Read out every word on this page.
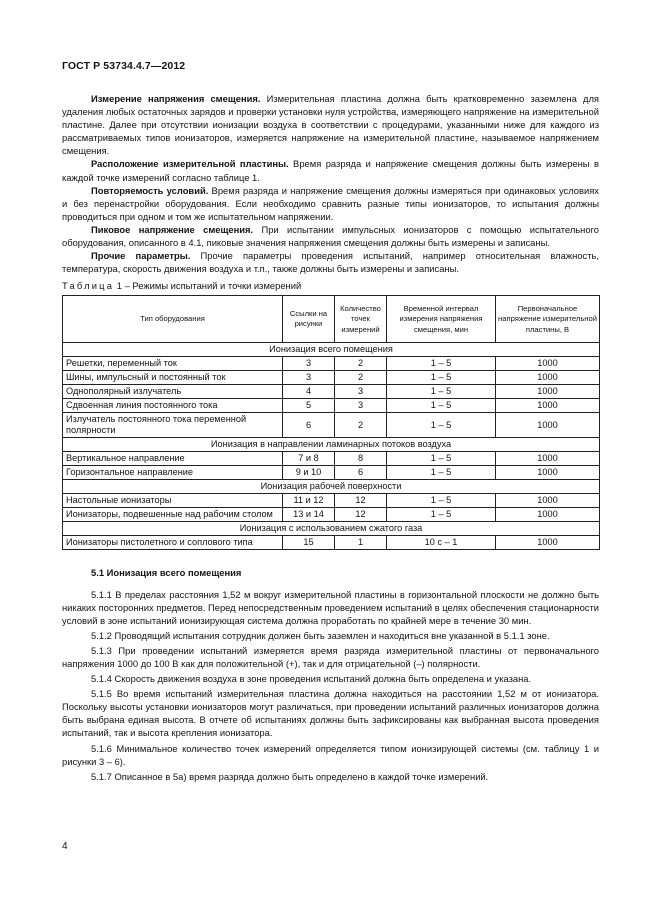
ГОСТ Р 53734.4.7—2012

Измерение напряжения смещения. Измерительная пластина должна быть кратковременно заземлена для удаления любых остаточных зарядов и проверки установки нуля устройства, измеряющего напряжение на измерительной пластине. Далее при отсутствии ионизации воздуха в соответствии с процедурами, указанными ниже для каждого из рассматриваемых типов ионизаторов, измеряется напряжение на измерительной пластине, называемое напряжением смещения.

Расположение измерительной пластины. Время разряда и напряжение смещения должны быть измерены в каждой точке измерений согласно таблице 1.

Повторяемость условий. Время разряда и напряжение смещения должны измеряться при одинаковых условиях и без перенастройки оборудования. Если необходимо сравнить разные типы ионизаторов, то испытания должны проводиться при одном и том же испытательном напряжении.

Пиковое напряжение смещения. При испытании импульсных ионизаторов с помощью испытательного оборудования, описанного в 4.1, пиковые значения напряжения смещения должны быть измерены и записаны.

Прочие параметры. Прочие параметры проведения испытаний, например относительная влажность, температура, скорость движения воздуха и т.п., также должны быть измерены и записаны.

Таблица 1 – Режимы испытаний и точки измерений
Тип оборудования	Ссылки на рисунки	Количество точек измерений	Временной интервал измерения напряжения смещения, мин	Первоначальное напряжение измерительной пластины, В
Ионизация всего помещения				
Решетки, переменный ток	3	2	1 – 5	1000
Шины, импульсный и постоянный ток	3	2	1 – 5	1000
Однополярный излучатель	4	3	1 – 5	1000
Сдвоенная линия постоянного тока	5	3	1 – 5	1000
Излучатель постоянного тока переменной полярности	6	2	1 – 5	1000
Ионизация в направлении ламинарных потоков воздуха				
Вертикальное направление	7 и 8	8	1 – 5	1000
Горизонтальное направление	9 и 10	6	1 – 5	1000
Ионизация рабочей поверхности				
Настольные ионизаторы	11 и 12	12	1 – 5	1000
Ионизаторы, подвешенные над рабочим столом	13 и 14	12	1 – 5	1000
Ионизация с использованием сжатого газа				
Ионизаторы пистолетного и соплового типа	15	1	10 с – 1	1000
5.1 Ионизация всего помещения

5.1.1 В пределах расстояния 1,52 м вокруг измерительной пластины в горизонтальной плоскости не должно быть никаких посторонних предметов. Перед непосредственным проведением испытаний в целях обеспечения стационарности условий в зоне испытаний ионизирующая система должна проработать по крайней мере в течение 30 мин.

5.1.2 Проводящий испытания сотрудник должен быть заземлен и находиться вне указанной в 5.1.1 зоне.

5.1.3 При проведении испытаний измеряется время разряда измерительной пластины от первоначального напряжения 1000 до 100 В как для положительной (+), так и для отрицательной (–) полярности.

5.1.4 Скорость движения воздуха в зоне проведения испытаний должна быть определена и указана.

5.1.5 Во время испытаний измерительная пластина должна находиться на расстоянии 1,52 м от ионизатора. Поскольку высоты установки ионизаторов могут различаться, при проведении испытаний различных ионизаторов должна быть выбрана единая высота. В отчете об испытаниях должны быть зафиксированы как выбранная высота проведения испытаний, так и высота крепления ионизатора.

5.1.6 Минимальное количество точек измерений определяется типом ионизирующей системы (см. таблицу 1 и рисунки 3 – 6).

5.1.7 Описанное в 5а) время разряда должно быть определено в каждой точке измерений.

4
